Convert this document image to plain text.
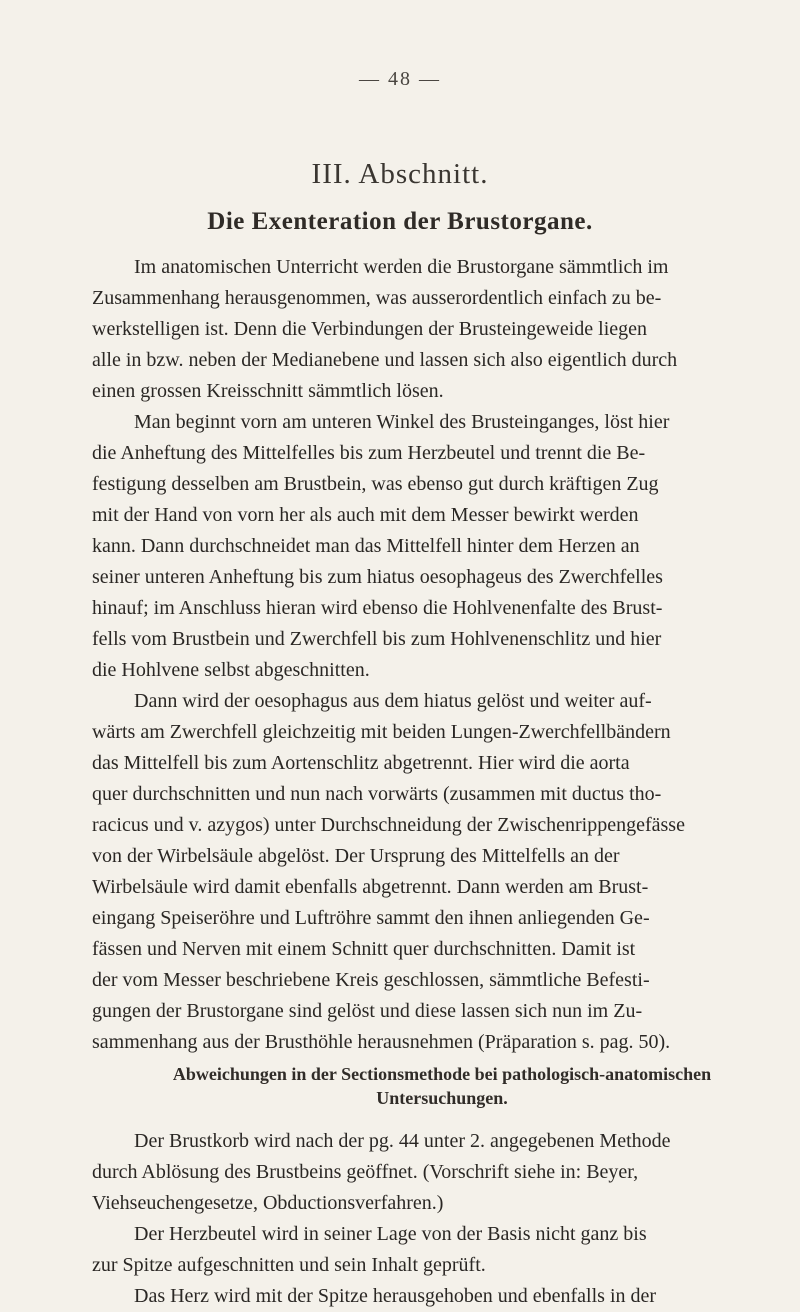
— 48 —
III. Abschnitt.
Die Exenteration der Brustorgane.
Im anatomischen Unterricht werden die Brustorgane sämmtlich im
Zusammenhang herausgenommen, was ausserordentlich einfach zu be-
werkstelligen ist. Denn die Verbindungen der Brusteingeweide liegen
alle in bzw. neben der Medianebene und lassen sich also eigentlich durch
einen grossen Kreisschnitt sämmtlich lösen.
Man beginnt vorn am unteren Winkel des Brusteinganges, löst hier
die Anheftung des Mittelfelles bis zum Herzbeutel und trennt die Be-
festigung desselben am Brustbein, was ebenso gut durch kräftigen Zug
mit der Hand von vorn her als auch mit dem Messer bewirkt werden
kann. Dann durchschneidet man das Mittelfell hinter dem Herzen an
seiner unteren Anheftung bis zum hiatus oesophageus des Zwerchfelles
hinauf; im Anschluss hieran wird ebenso die Hohlvenenfalte des Brust-
fells vom Brustbein und Zwerchfell bis zum Hohlvenenschlitz und hier
die Hohlvene selbst abgeschnitten.
Dann wird der oesophagus aus dem hiatus gelöst und weiter auf-
wärts am Zwerchfell gleichzeitig mit beiden Lungen-Zwerchfellbändern
das Mittelfell bis zum Aortenschlitz abgetrennt. Hier wird die aorta
quer durchschnitten und nun nach vorwärts (zusammen mit ductus tho-
racicus und v. azygos) unter Durchschneidung der Zwischenrippengefässe
von der Wirbelsäule abgelöst. Der Ursprung des Mittelfells an der
Wirbelsäule wird damit ebenfalls abgetrennt. Dann werden am Brust-
eingang Speiseröhre und Luftröhre sammt den ihnen anliegenden Ge-
fässen und Nerven mit einem Schnitt quer durchschnitten. Damit ist
der vom Messer beschriebene Kreis geschlossen, sämmtliche Befesti-
gungen der Brustorgane sind gelöst und diese lassen sich nun im Zu-
sammenhang aus der Brusthöhle herausnehmen (Präparation s. pag. 50).
Abweichungen in der Sectionsmethode bei pathologisch-anatomischen
Untersuchungen.
Der Brustkorb wird nach der pg. 44 unter 2. angegebenen Methode
durch Ablösung des Brustbeins geöffnet. (Vorschrift siehe in: Beyer,
Viehseuchengesetze, Obductionsverfahren.)
Der Herzbeutel wird in seiner Lage von der Basis nicht ganz bis
zur Spitze aufgeschnitten und sein Inhalt geprüft.
Das Herz wird mit der Spitze herausgehoben und ebenfalls in der
